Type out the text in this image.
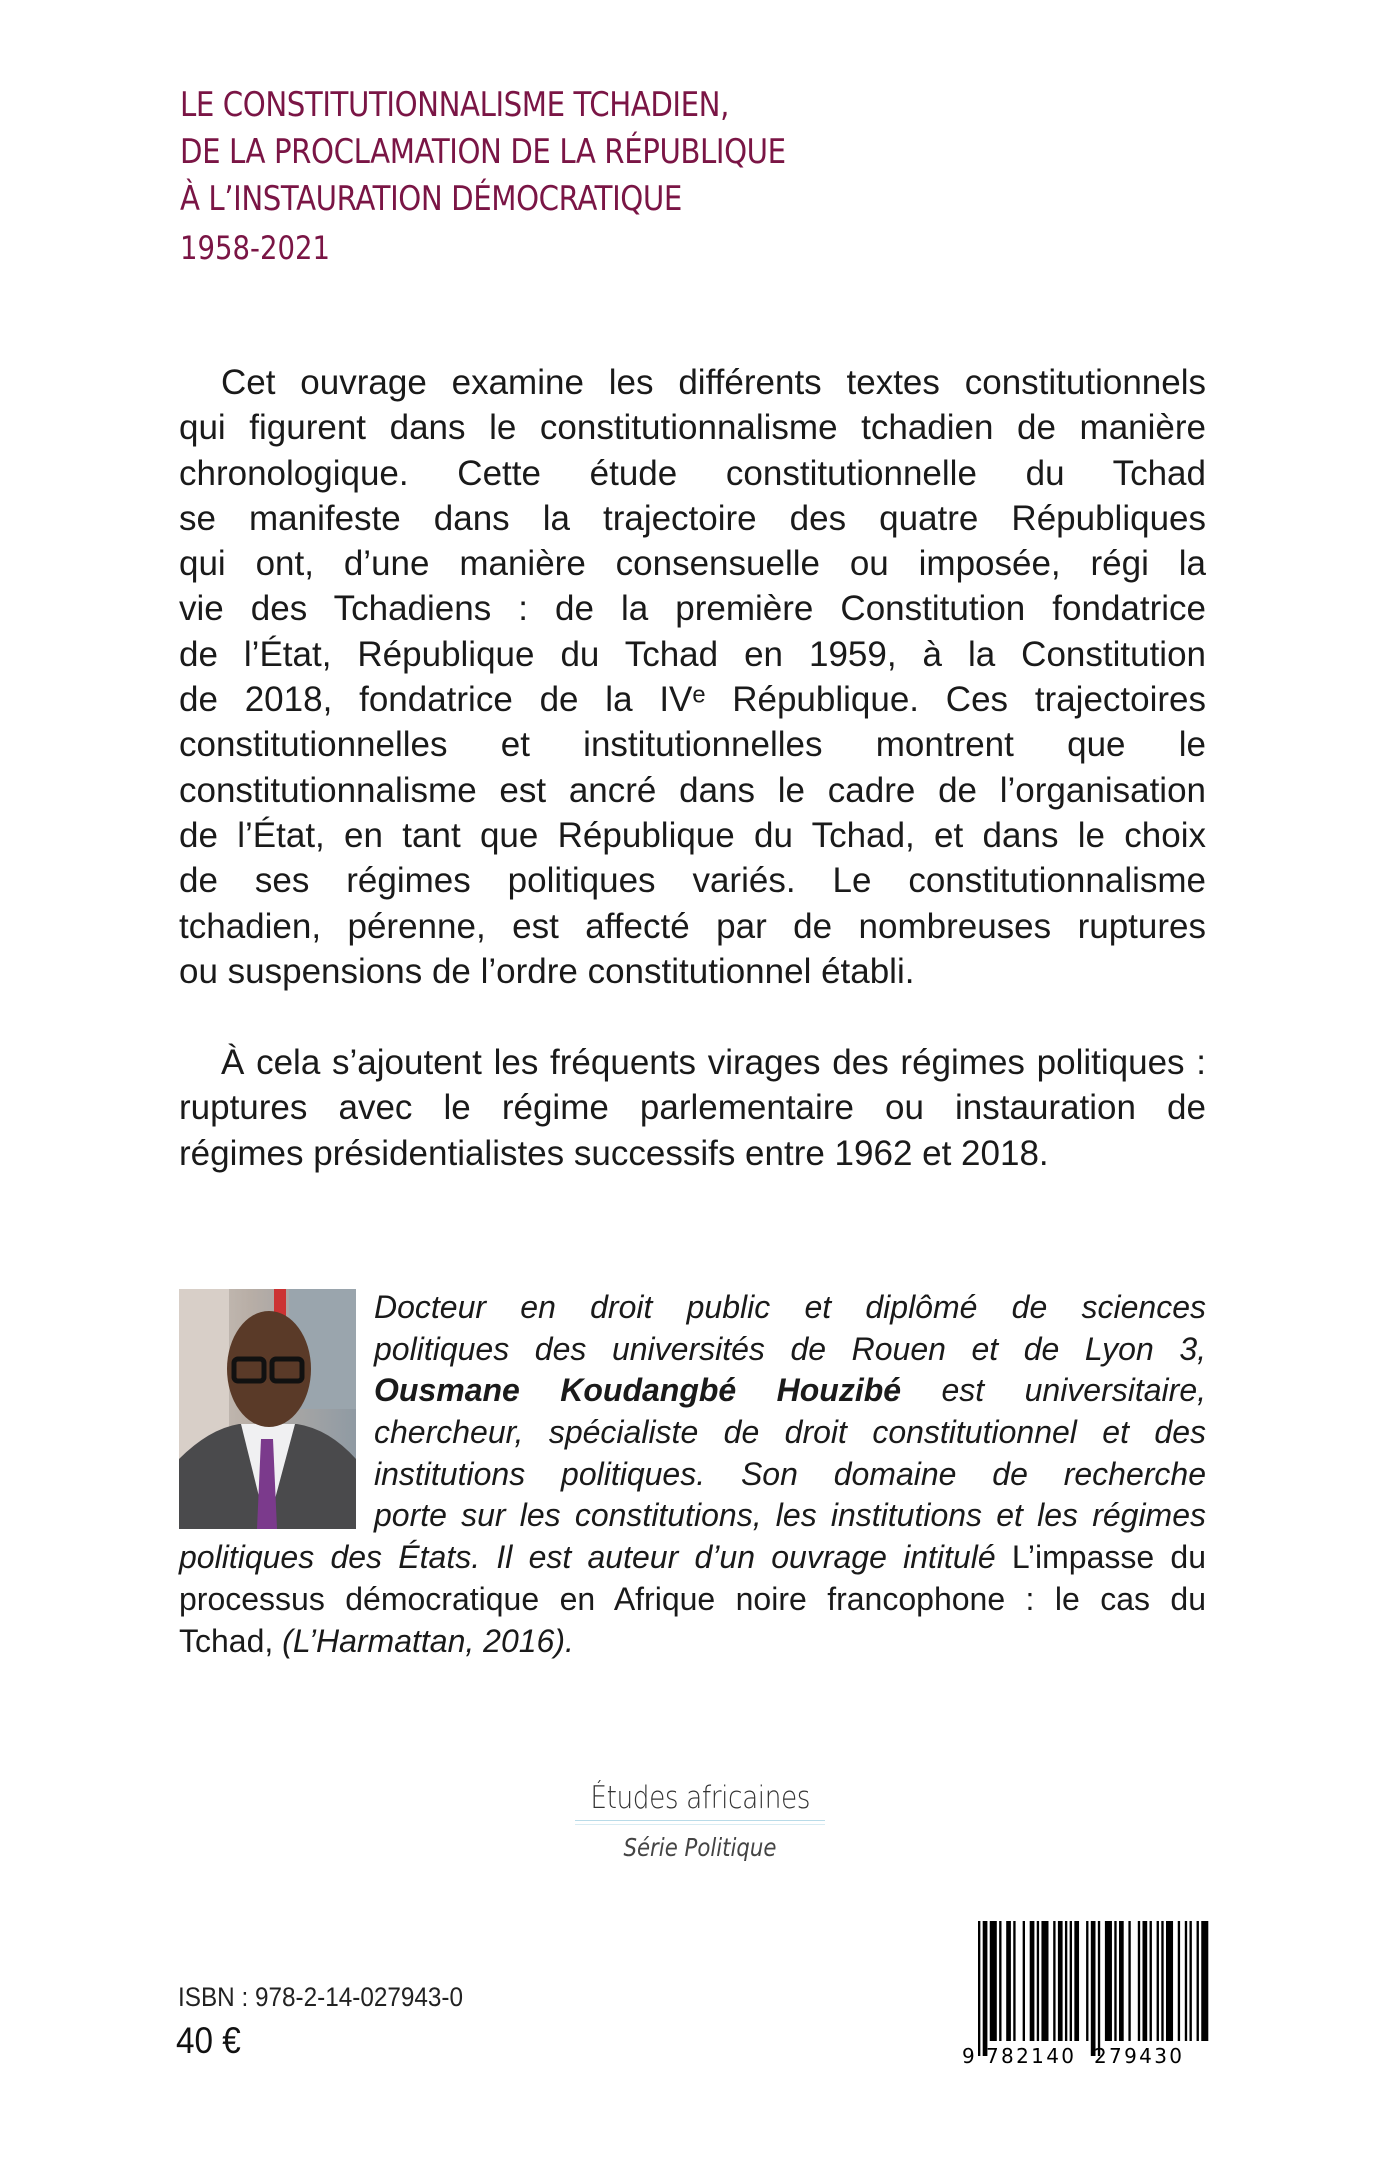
LE CONSTITUTIONNALISME TCHADIEN,
DE LA PROCLAMATION DE LA RÉPUBLIQUE
À L’INSTAURATION DÉMOCRATIQUE
1958-2021
Cet ouvrage examine les différents textes constitutionnels
qui figurent dans le constitutionnalisme tchadien de manière
chronologique. Cette étude constitutionnelle du Tchad
se manifeste dans la trajectoire des quatre Républiques
qui ont, d’une manière consensuelle ou imposée, régi la
vie des Tchadiens : de la première Constitution fondatrice
de l’État, République du Tchad en 1959, à la Constitution
de 2018, fondatrice de la IVᵉ République. Ces trajectoires
constitutionnelles et institutionnelles montrent que le
constitutionnalisme est ancré dans le cadre de l’organisation
de l’État, en tant que République du Tchad, et dans le choix
de ses régimes politiques variés. Le constitutionnalisme
tchadien, pérenne, est affecté par de nombreuses ruptures
ou suspensions de l’ordre constitutionnel établi.
À cela s’ajoutent les fréquents virages des régimes politiques :
ruptures avec le régime parlementaire ou instauration de
régimes présidentialistes successifs entre 1962 et 2018.
Docteur en droit public et diplômé de sciences
politiques des universités de Rouen et de Lyon 3,
Ousmane Koudangbé Houzibé est universitaire,
chercheur, spécialiste de droit constitutionnel et des
institutions politiques. Son domaine de recherche
porte sur les constitutions, les institutions et les régimes
politiques des États. Il est auteur d’un ouvrage intitulé L’impasse du
processus démocratique en Afrique noire francophone : le cas du
Tchad, (L’Harmattan, 2016).
Études africaines
Série Politique
ISBN : 978-2-14-027943-0
40 €	9 782140 279430
